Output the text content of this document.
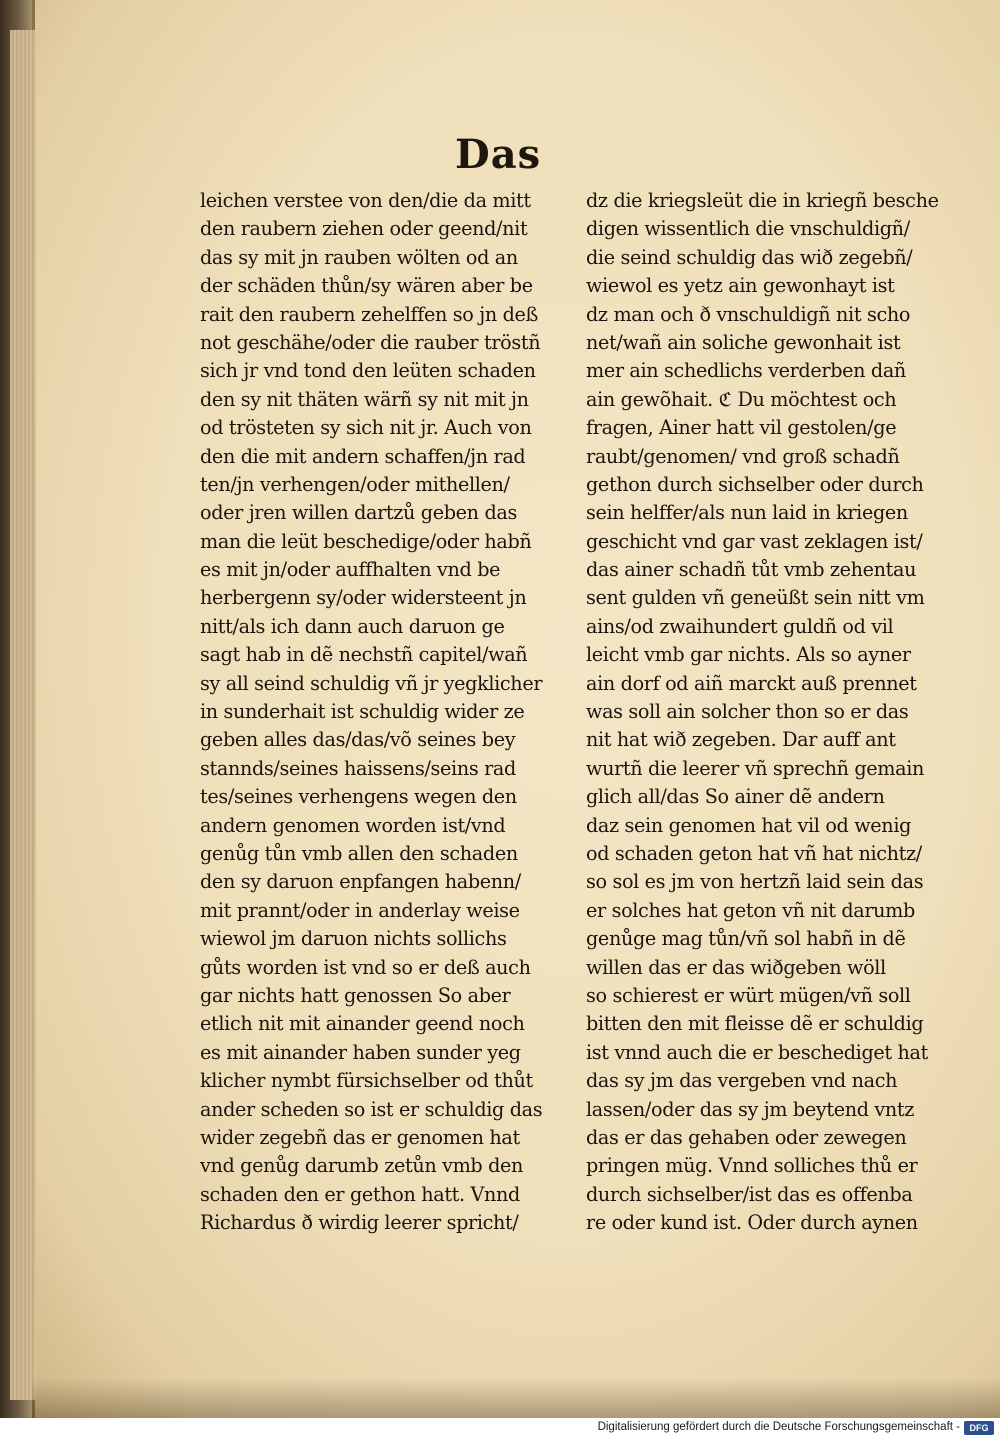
Das
leichen verstee von den/die da mitt
den raubern ziehen oder geend/nit
das sy mit jn rauben wölten od an
der schäden thůn/sy wären aber be
rait den raubern zehelffen so jn deß
not geschähe/oder die rauber tröstñ
sich jr vnd tond den leüten schaden
den sy nit thäten wärñ sy nit mit jn
od trösteten sy sich nit jr. Auch von
den die mit andern schaffen/jn rad
ten/jn verhengen/oder mithellen/
oder jren willen dartzů geben das
man die leüt beschedige/oder habñ
es mit jn/oder auffhalten vnd be
herbergenn sy/oder widersteent jn
nitt/als ich dann auch daruon ge
sagt hab in dẽ nechstñ capitel/wañ
sy all seind schuldig vñ jr yegklicher
in sunderhait ist schuldig wider ze
geben alles das/das/võ seines bey
stannds/seines haissens/seins rad
tes/seines verhengens wegen den
andern genomen worden ist/vnd
genůg tůn vmb allen den schaden
den sy daruon enpfangen habenn/
mit prannt/oder in anderlay weise
wiewol jm daruon nichts sollichs
gůts worden ist vnd so er deß auch
gar nichts hatt genossen So aber
etlich nit mit ainander geend noch
es mit ainander haben sunder yeg
klicher nymbt fürsichselber od thůt
ander scheden so ist er schuldig das
wider zegebñ das er genomen hat
vnd genůg darumb zetůn vmb den
schaden den er gethon hatt. Vnnd
Richardus ð wirdig leerer spricht/
dz die kriegsleüt die in kriegñ besche
digen wissentlich die vnschuldigñ/
die seind schuldig das wið zegebñ/
wiewol es yetz ain gewonhayt ist
dz man och ð vnschuldigñ nit scho
net/wañ ain soliche gewonhait ist
mer ain schedlichs verderben dañ
ain gewõhait. ℭ Du möchtest och
fragen, Ainer hatt vil gestolen/ge
raubt/genomen/ vnd groß schadñ
gethon durch sichselber oder durch
sein helffer/als nun laid in kriegen
geschicht vnd gar vast zeklagen ist/
das ainer schadñ tůt vmb zehentau
sent gulden vñ geneüßt sein nitt vm
ains/od zwaihundert guldñ od vil
leicht vmb gar nichts. Als so ayner
ain dorf od aiñ marckt auß prennet
was soll ain solcher thon so er das
nit hat wið zegeben. Dar auff ant
wurtñ die leerer vñ sprechñ gemain
glich all/das So ainer dẽ andern
daz sein genomen hat vil od wenig
od schaden geton hat vñ hat nichtz/
so sol es jm von hertzñ laid sein das
er solches hat geton vñ nit darumb
genůge mag tůn/vñ sol habñ in dẽ
willen das er das wiðgeben wöll
so schierest er würt mügen/vñ soll
bitten den mit fleisse dẽ er schuldig
ist vnnd auch die er beschediget hat
das sy jm das vergeben vnd nach
lassen/oder das sy jm beytend vntz
das er das gehaben oder zewegen
pringen müg. Vnnd solliches thů er
durch sichselber/ist das es offenba
re oder kund ist. Oder durch aynen
Digitalisierung gefördert durch die Deutsche Forschungsgemeinschaft -	DFG
